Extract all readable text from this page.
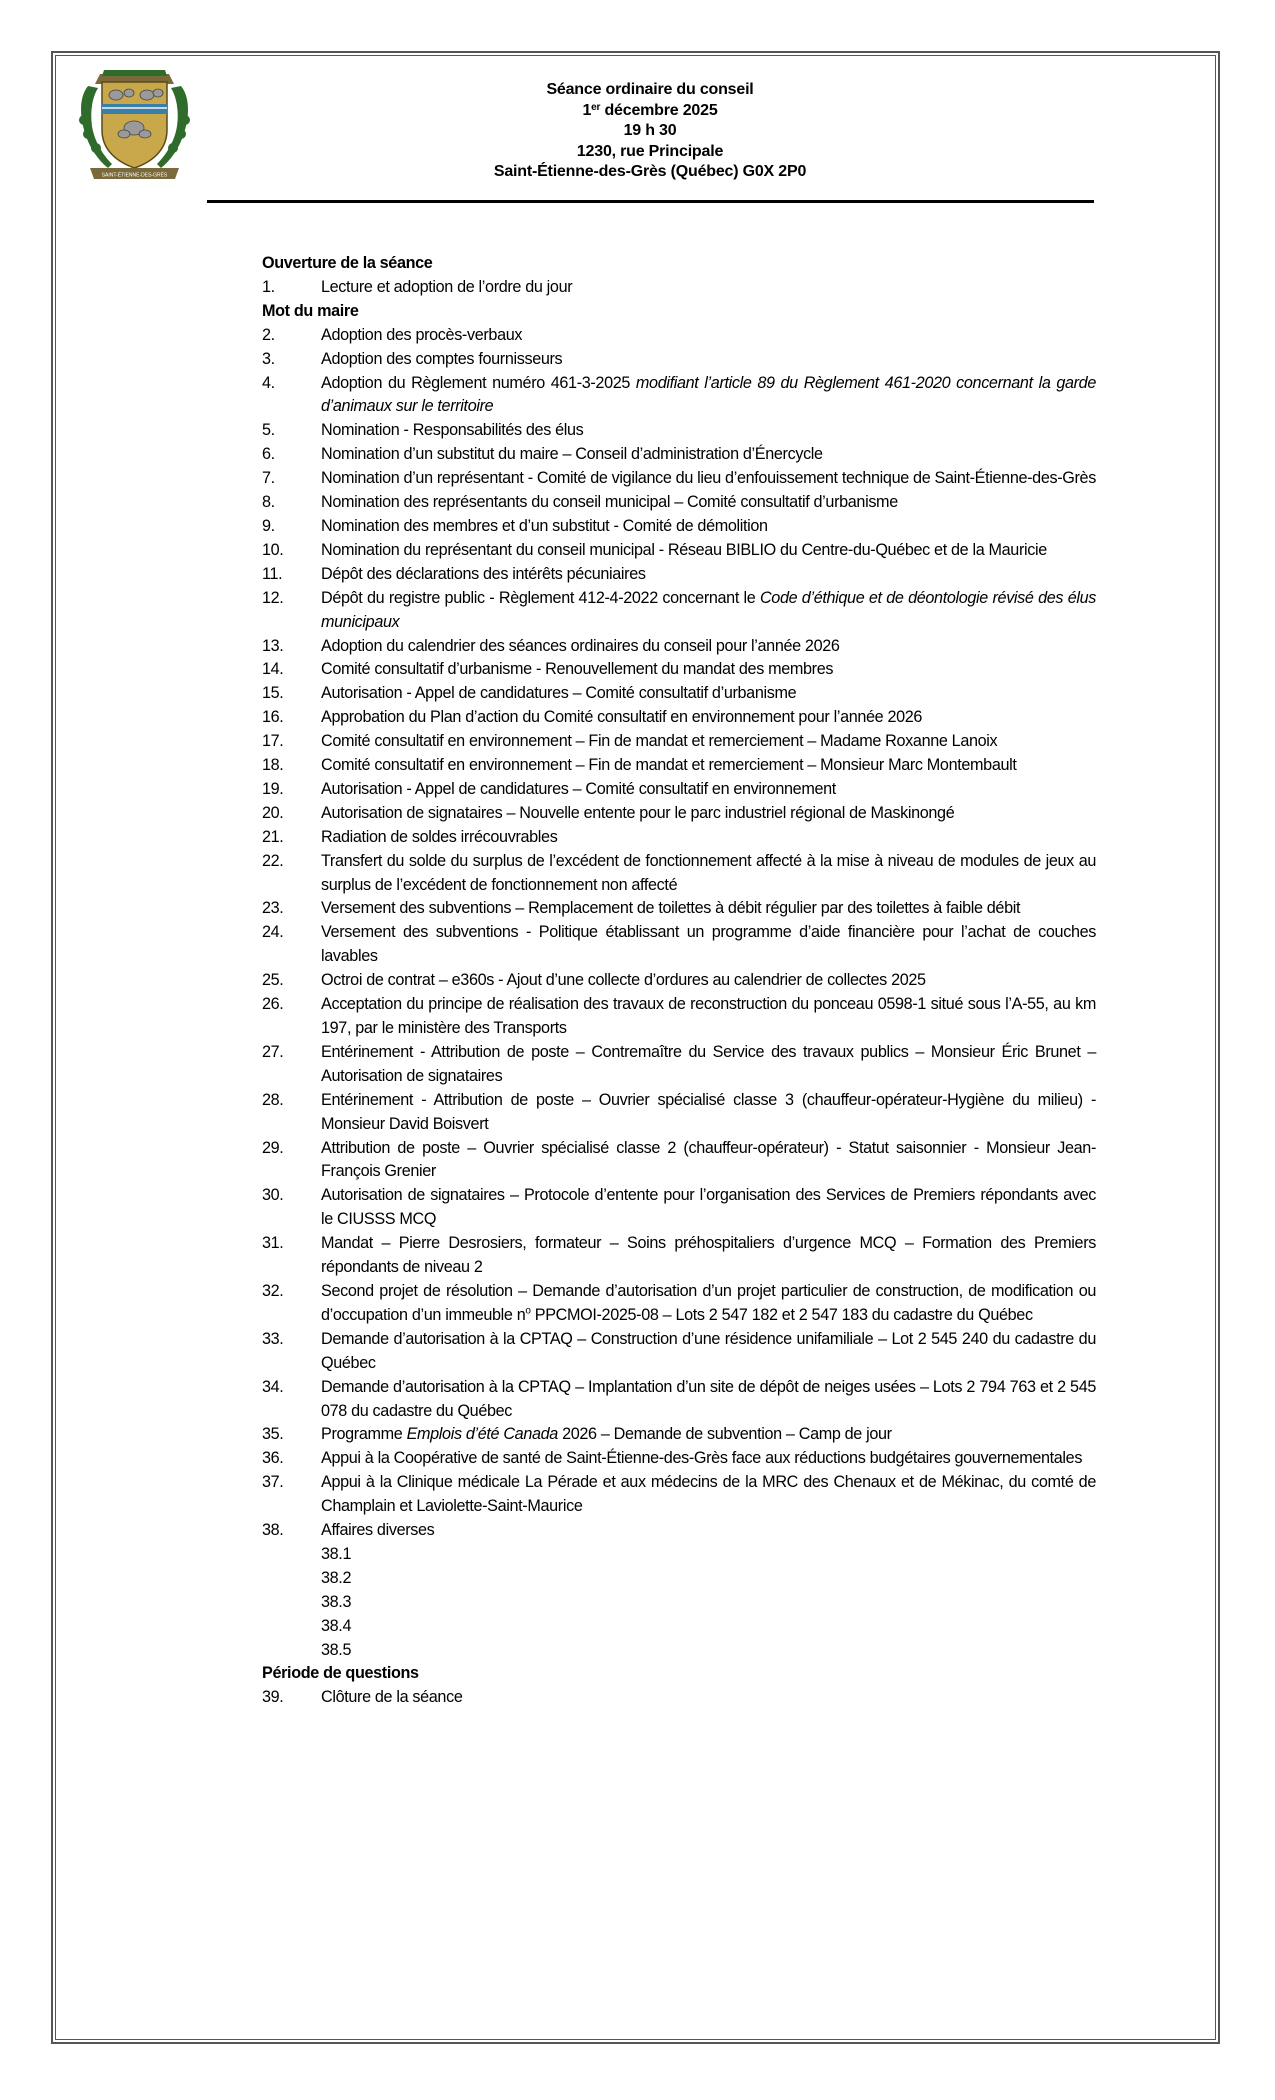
SAINT-ÉTIENNE-DES-GRÈS
Séance ordinaire du conseil
1er décembre 2025
19 h 30
1230, rue Principale
Saint-Étienne-des-Grès (Québec) G0X 2P0
Ouverture de la séance
1.	Lecture et adoption de l’ordre du jour
Mot du maire
2.	Adoption des procès-verbaux
3.	Adoption des comptes fournisseurs
4.	Adoption du Règlement numéro 461-3-2025 modifiant l’article 89 du Règlement 461-2020 concernant la garde d’animaux sur le territoire
5.	Nomination - Responsabilités des élus
6.	Nomination d’un substitut du maire – Conseil d’administration d’Énercycle
7.	Nomination d’un représentant - Comité de vigilance du lieu d’enfouissement technique de Saint-Étienne-des-Grès
8.	Nomination des représentants du conseil municipal – Comité consultatif d’urbanisme
9.	Nomination des membres et d’un substitut - Comité de démolition
10. Nomination du représentant du conseil municipal - Réseau BIBLIO du Centre-du-Québec et de la Mauricie
11. Dépôt des déclarations des intérêts pécuniaires
12. Dépôt du registre public - Règlement 412-4-2022 concernant le Code d’éthique et de déontologie révisé des élus municipaux
13. Adoption du calendrier des séances ordinaires du conseil pour l’année 2026
14. Comité consultatif d’urbanisme - Renouvellement du mandat des membres
15. Autorisation - Appel de candidatures – Comité consultatif d’urbanisme
16. Approbation du Plan d’action du Comité consultatif en environnement pour l’année 2026
17. Comité consultatif en environnement – Fin de mandat et remerciement – Madame Roxanne Lanoix
18. Comité consultatif en environnement – Fin de mandat et remerciement – Monsieur Marc Montembault
19. Autorisation - Appel de candidatures – Comité consultatif en environnement
20. Autorisation de signataires – Nouvelle entente pour le parc industriel régional de Maskinongé
21. Radiation de soldes irrécouvrables
22. Transfert du solde du surplus de l’excédent de fonctionnement affecté à la mise à niveau de modules de jeux au surplus de l’excédent de fonctionnement non affecté
23. Versement des subventions – Remplacement de toilettes à débit régulier par des toilettes à faible débit
24. Versement des subventions - Politique établissant un programme d’aide financière pour l’achat de couches lavables
25. Octroi de contrat – e360s - Ajout d’une collecte d’ordures au calendrier de collectes 2025
26. Acceptation du principe de réalisation des travaux de reconstruction du ponceau 0598-1 situé sous l’A-55, au km 197, par le ministère des Transports
27. Entérinement - Attribution de poste – Contremaître du Service des travaux publics – Monsieur Éric Brunet – Autorisation de signataires
28. Entérinement - Attribution de poste – Ouvrier spécialisé classe 3 (chauffeur-opérateur-Hygiène du milieu) - Monsieur David Boisvert
29. Attribution de poste – Ouvrier spécialisé classe 2 (chauffeur-opérateur) - Statut saisonnier - Monsieur Jean-François Grenier
30. Autorisation de signataires – Protocole d’entente pour l’organisation des Services de Premiers répondants avec le CIUSSS MCQ
31. Mandat – Pierre Desrosiers, formateur – Soins préhospitaliers d’urgence MCQ – Formation des Premiers répondants de niveau 2
32. Second projet de résolution – Demande d’autorisation d’un projet particulier de construction, de modification ou d’occupation d’un immeuble $n^o$ PPCMOI-2025-08 – Lots 2 547 182 et 2 547 183 du cadastre du Québec
33. Demande d’autorisation à la CPTAQ – Construction d’une résidence unifamiliale – Lot 2 545 240 du cadastre du Québec
34. Demande d’autorisation à la CPTAQ – Implantation d’un site de dépôt de neiges usées – Lots 2 794 763 et 2 545 078 du cadastre du Québec
35. Programme Emplois d’été Canada 2026 – Demande de subvention – Camp de jour
36. Appui à la Coopérative de santé de Saint-Étienne-des-Grès face aux réductions budgétaires gouvernementales
37. Appui à la Clinique médicale La Pérade et aux médecins de la MRC des Chenaux et de Mékinac, du comté de Champlain et Laviolette-Saint-Maurice
38. Affaires diverses
38.1
38.2
38.3
38.4
38.5
Période de questions
39. Clôture de la séance
